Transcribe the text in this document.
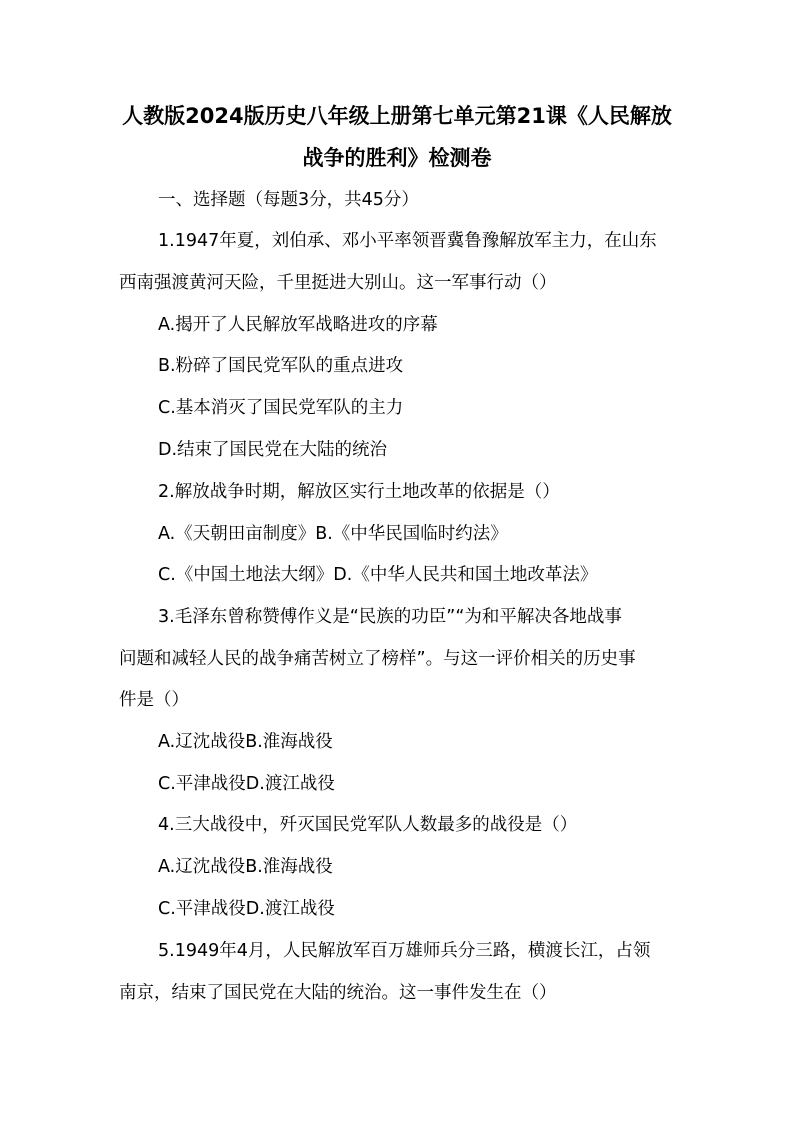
人教版2024版历史八年级上册第七单元第21课《人民解放
战争的胜利》检测卷
一、选择题（每题3分，共45分）
1.1947年夏，刘伯承、邓小平率领晋冀鲁豫解放军主力，在山东
西南强渡黄河天险，千里挺进大别山。这一军事行动（）
A.揭开了人民解放军战略进攻的序幕
B.粉碎了国民党军队的重点进攻
C.基本消灭了国民党军队的主力
D.结束了国民党在大陆的统治
2.解放战争时期，解放区实行土地改革的依据是（）
A.《天朝田亩制度》B.《中华民国临时约法》
C.《中国土地法大纲》D.《中华人民共和国土地改革法》
3.毛泽东曾称赞傅作义是“民族的功臣”“为和平解决各地战事
问题和减轻人民的战争痛苦树立了榜样”。与这一评价相关的历史事
件是（）
A.辽沈战役B.淮海战役
C.平津战役D.渡江战役
4.三大战役中，歼灭国民党军队人数最多的战役是（）
A.辽沈战役B.淮海战役
C.平津战役D.渡江战役
5.1949年4月，人民解放军百万雄师兵分三路，横渡长江，占领
南京，结束了国民党在大陆的统治。这一事件发生在（）
